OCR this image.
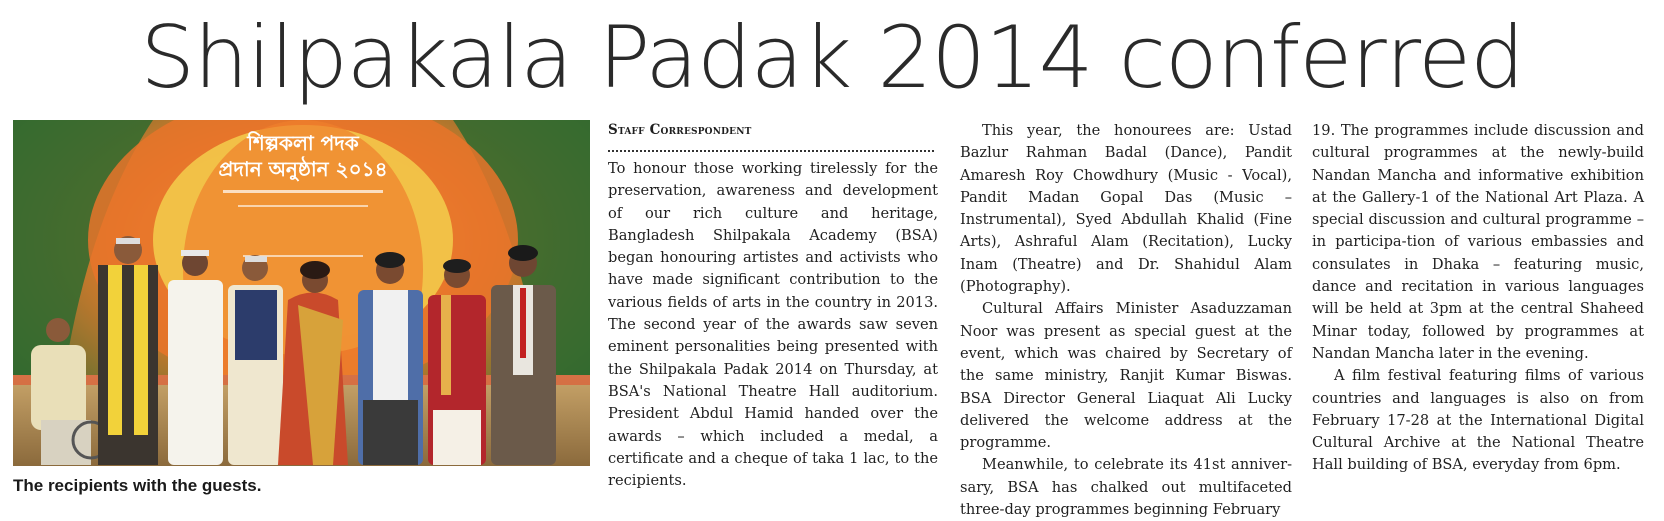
Shilpakala Padak 2014 conferred
শিল্পকলা পদক
প্রদান অনুষ্ঠান ২০১৪
The recipients with the guests.
Staff Correspondent

To honour those working tirelessly for the preservation, awareness and development of our rich culture and heritage, Bangladesh Shilpakala Academy (BSA) began honouring artistes and activists who have made significant contribution to the various fields of arts in the country in 2013. The second year of the awards saw seven eminent personalities being presented with the Shilpakala Padak 2014 on Thursday, at BSA's National Theatre Hall auditorium. President Abdul Hamid handed over the awards – which included a medal, a certificate and a cheque of taka 1 lac, to the recipients.

This year, the honourees are: Ustad Bazlur Rahman Badal (Dance), Pandit Amaresh Roy Chowdhury (Music - Vocal), Pandit Madan Gopal Das (Music – Instrumental), Syed Abdullah Khalid (Fine Arts), Ashraful Alam (Recitation), Lucky Inam (Theatre) and Dr. Shahidul Alam (Photography).

Cultural Affairs Minister Asaduzzaman Noor was present as special guest at the event, which was chaired by Secretary of the same ministry, Ranjit Kumar Biswas. BSA Director General Liaquat Ali Lucky delivered the welcome address at the programme.

Meanwhile, to celebrate its 41st anniver-sary, BSA has chalked out multifaceted three-day programmes beginning February

19. The programmes include discussion and cultural programmes at the newly-build Nandan Mancha and informative exhibition at the Gallery-1 of the National Art Plaza. A special discussion and cultural programme – in participa-tion of various embassies and consulates in Dhaka – featuring music, dance and recitation in various languages will be held at 3pm at the central Shaheed Minar today, followed by programmes at Nandan Mancha later in the evening.

A film festival featuring films of various countries and languages is also on from February 17-28 at the International Digital Cultural Archive at the National Theatre Hall building of BSA, everyday from 6pm.
